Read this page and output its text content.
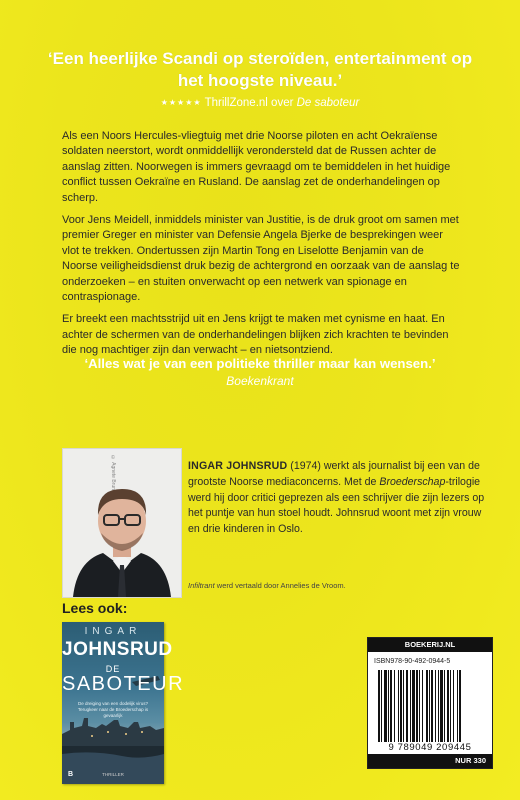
‘Een heerlijke Scandi op steroïden, entertainment op het hoogste niveau.’
★★★★★ ThrillZone.nl over De saboteur

Als een Noors Hercules-vliegtuig met drie Noorse piloten en acht Oekraïense soldaten neerstort, wordt onmiddellijk verondersteld dat de Russen achter de aanslag zitten. Noorwegen is immers gevraagd om te bemiddelen in het huidige conflict tussen Oekraïne en Rusland. De aanslag zet de onderhandelingen op scherp.

Voor Jens Meidell, inmiddels minister van Justitie, is de druk groot om samen met premier Greger en minister van Defensie Angela Bjerke de besprekingen weer vlot te trekken. Ondertussen zijn Martin Tong en Liselotte Benjamin van de Noorse veiligheidsdienst druk bezig de achtergrond en oorzaak van de aanslag te onderzoeken – en stuiten onverwacht op een netwerk van spionage en contraspionage.

Er breekt een machtsstrijd uit en Jens krijgt te maken met cynisme en haat. En achter de schermen van de onderhandelingen blijken zich krachten te bevinden die nog machtiger zijn dan verwacht – en nietsontziend.

‘Alles wat je van een politieke thriller maar kan wensen.’
Boekenkrant
© Agnete Brun	INGAR JOHNSRUD (1974) werkt als journalist bij een van de grootste Noorse mediaconcerns. Met de Broederschap-trilogie werd hij door critici geprezen als een schrijver die zijn lezers op het puntje van hun stoel houdt. Johnsrud woont met zijn vrouw en drie kinderen in Oslo.
Infiltrant werd vertaald door Annelies de Vroom.
Lees ook:
INGAR
JOHNSRUD
DE
SABOTEUR
De dreiging van een dodelijk virus? Terugkeer naar de Broederschap is gevaarlijk
B	THRILLER
BOEKERIJ.NL
ISBN978-90-492-0944-5
9 789049 209445
NUR 330
